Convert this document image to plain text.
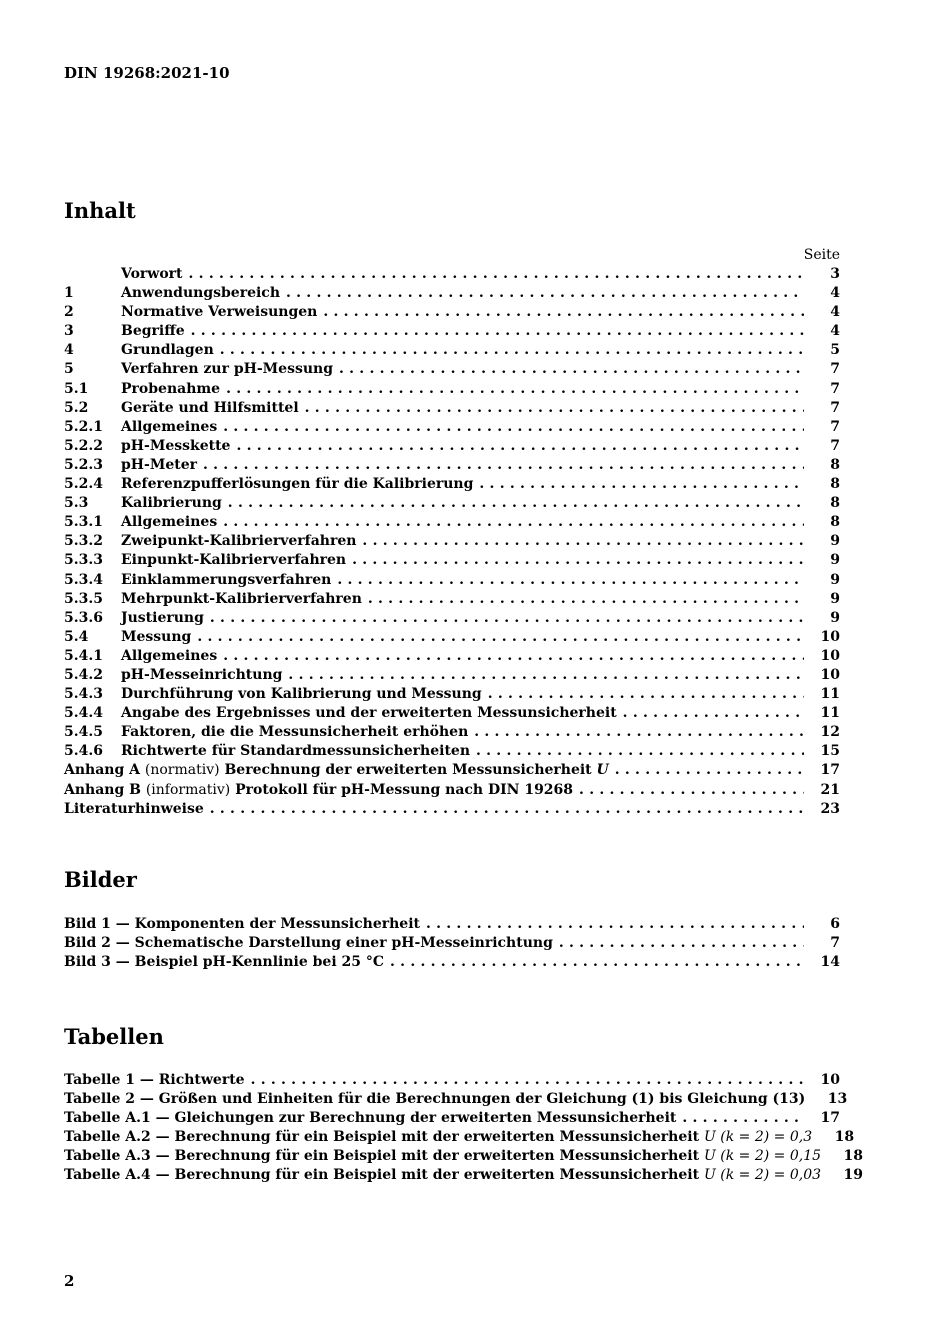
DIN 19268:2021-10
Inhalt
Seite
Vorwort . . .	3
1	Anwendungsbereich . . .	4
2	Normative Verweisungen . . .	4
3	Begriffe . . .	4
4	Grundlagen . . .	5
5	Verfahren zur pH-Messung . . .	7
5.1	Probenahme . . .	7
5.2	Geräte und Hilfsmittel . . .	7
5.2.1	Allgemeines . . .	7
5.2.2	pH-Messkette . . .	7
5.2.3	pH-Meter . . .	8
5.2.4	Referenzpufferlösungen für die Kalibrierung . . .	8
5.3	Kalibrierung . . .	8
5.3.1	Allgemeines . . .	8
5.3.2	Zweipunkt-Kalibrierverfahren . . .	9
5.3.3	Einpunkt-Kalibrierverfahren . . .	9
5.3.4	Einklammerungsverfahren . . .	9
5.3.5	Mehrpunkt-Kalibrierverfahren . . .	9
5.3.6	Justierung . . .	9
5.4	Messung . . .	10
5.4.1	Allgemeines . . .	10
5.4.2	pH-Messeinrichtung . . .	10
5.4.3	Durchführung von Kalibrierung und Messung . . .	11
5.4.4	Angabe des Ergebnisses und der erweiterten Messunsicherheit . . .	11
5.4.5	Faktoren, die die Messunsicherheit erhöhen . . .	12
5.4.6	Richtwerte für Standardmessunsicherheiten . . .	15
Anhang A (normativ) Berechnung der erweiterten Messunsicherheit U . . .	17
Anhang B (informativ) Protokoll für pH-Messung nach DIN 19268 . . .	21
Literaturhinweise . . .	23
Bilder
Bild 1 — Komponenten der Messunsicherheit . . .	6
Bild 2 — Schematische Darstellung einer pH-Messeinrichtung . . .	7
Bild 3 — Beispiel pH-Kennlinie bei 25 °C . . .	14
Tabellen
Tabelle 1 — Richtwerte . . .	10
Tabelle 2 — Größen und Einheiten für die Berechnungen der Gleichung (1) bis Gleichung (13)	13
Tabelle A.1 — Gleichungen zur Berechnung der erweiterten Messunsicherheit . . .	17
Tabelle A.2 — Berechnung für ein Beispiel mit der erweiterten Messunsicherheit U (k = 2) = 0,3	18
Tabelle A.3 — Berechnung für ein Beispiel mit der erweiterten Messunsicherheit U (k = 2) = 0,15	18
Tabelle A.4 — Berechnung für ein Beispiel mit der erweiterten Messunsicherheit U (k = 2) = 0,03	19
2
